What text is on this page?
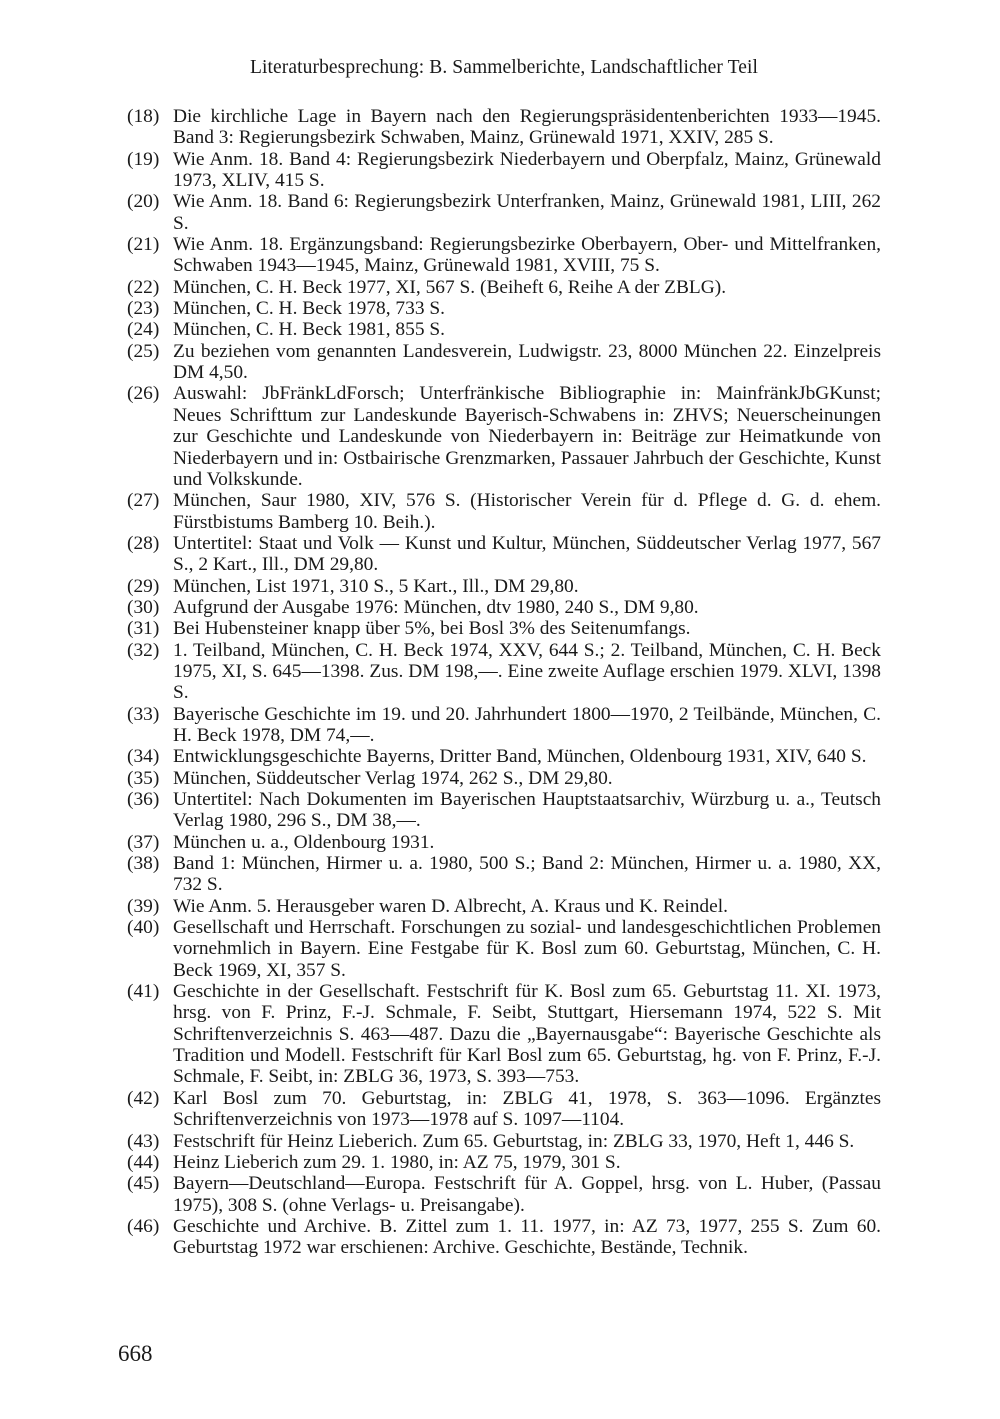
Literaturbesprechung: B. Sammelberichte, Landschaftlicher Teil
(18) Die kirchliche Lage in Bayern nach den Regierungspräsidentenberichten 1933—1945. Band 3: Regierungsbezirk Schwaben, Mainz, Grünewald 1971, XXIV, 285 S.
(19) Wie Anm. 18. Band 4: Regierungsbezirk Niederbayern und Oberpfalz, Mainz, Grünewald 1973, XLIV, 415 S.
(20) Wie Anm. 18. Band 6: Regierungsbezirk Unterfranken, Mainz, Grünewald 1981, LIII, 262 S.
(21) Wie Anm. 18. Ergänzungsband: Regierungsbezirke Oberbayern, Ober- und Mittelfranken, Schwaben 1943—1945, Mainz, Grünewald 1981, XVIII, 75 S.
(22) München, C. H. Beck 1977, XI, 567 S. (Beiheft 6, Reihe A der ZBLG).
(23) München, C. H. Beck 1978, 733 S.
(24) München, C. H. Beck 1981, 855 S.
(25) Zu beziehen vom genannten Landesverein, Ludwigstr. 23, 8000 München 22. Einzelpreis DM 4,50.
(26) Auswahl: JbFränkLdForsch; Unterfränkische Bibliographie in: MainfränkJbGKunst; Neues Schrifttum zur Landeskunde Bayerisch-Schwabens in: ZHVS; Neuerscheinungen zur Geschichte und Landeskunde von Niederbayern in: Beiträge zur Heimatkunde von Niederbayern und in: Ostbairische Grenzmarken, Passauer Jahrbuch der Geschichte, Kunst und Volkskunde.
(27) München, Saur 1980, XIV, 576 S. (Historischer Verein für d. Pflege d. G. d. ehem. Fürstbistums Bamberg 10. Beih.).
(28) Untertitel: Staat und Volk — Kunst und Kultur, München, Süddeutscher Verlag 1977, 567 S., 2 Kart., Ill., DM 29,80.
(29) München, List 1971, 310 S., 5 Kart., Ill., DM 29,80.
(30) Aufgrund der Ausgabe 1976: München, dtv 1980, 240 S., DM 9,80.
(31) Bei Hubensteiner knapp über 5%, bei Bosl 3% des Seitenumfangs.
(32) 1. Teilband, München, C. H. Beck 1974, XXV, 644 S.; 2. Teilband, München, C. H. Beck 1975, XI, S. 645—1398. Zus. DM 198,—. Eine zweite Auflage erschien 1979. XLVI, 1398 S.
(33) Bayerische Geschichte im 19. und 20. Jahrhundert 1800—1970, 2 Teilbände, München, C. H. Beck 1978, DM 74,—.
(34) Entwicklungsgeschichte Bayerns, Dritter Band, München, Oldenbourg 1931, XIV, 640 S.
(35) München, Süddeutscher Verlag 1974, 262 S., DM 29,80.
(36) Untertitel: Nach Dokumenten im Bayerischen Hauptstaatsarchiv, Würzburg u. a., Teutsch Verlag 1980, 296 S., DM 38,—.
(37) München u. a., Oldenbourg 1931.
(38) Band 1: München, Hirmer u. a. 1980, 500 S.; Band 2: München, Hirmer u. a. 1980, XX, 732 S.
(39) Wie Anm. 5. Herausgeber waren D. Albrecht, A. Kraus und K. Reindel.
(40) Gesellschaft und Herrschaft. Forschungen zu sozial- und landesgeschichtlichen Problemen vornehmlich in Bayern. Eine Festgabe für K. Bosl zum 60. Geburtstag, München, C. H. Beck 1969, XI, 357 S.
(41) Geschichte in der Gesellschaft. Festschrift für K. Bosl zum 65. Geburtstag 11. XI. 1973, hrsg. von F. Prinz, F.-J. Schmale, F. Seibt, Stuttgart, Hiersemann 1974, 522 S. Mit Schriftenverzeichnis S. 463—487. Dazu die „Bayernausgabe“: Bayerische Geschichte als Tradition und Modell. Festschrift für Karl Bosl zum 65. Geburtstag, hg. von F. Prinz, F.-J. Schmale, F. Seibt, in: ZBLG 36, 1973, S. 393—753.
(42) Karl Bosl zum 70. Geburtstag, in: ZBLG 41, 1978, S. 363—1096. Ergänztes Schriftenverzeichnis von 1973—1978 auf S. 1097—1104.
(43) Festschrift für Heinz Lieberich. Zum 65. Geburtstag, in: ZBLG 33, 1970, Heft 1, 446 S.
(44) Heinz Lieberich zum 29. 1. 1980, in: AZ 75, 1979, 301 S.
(45) Bayern—Deutschland—Europa. Festschrift für A. Goppel, hrsg. von L. Huber, (Passau 1975), 308 S. (ohne Verlags- u. Preisangabe).
(46) Geschichte und Archive. B. Zittel zum 1. 11. 1977, in: AZ 73, 1977, 255 S. Zum 60. Geburtstag 1972 war erschienen: Archive. Geschichte, Bestände, Technik.
668
